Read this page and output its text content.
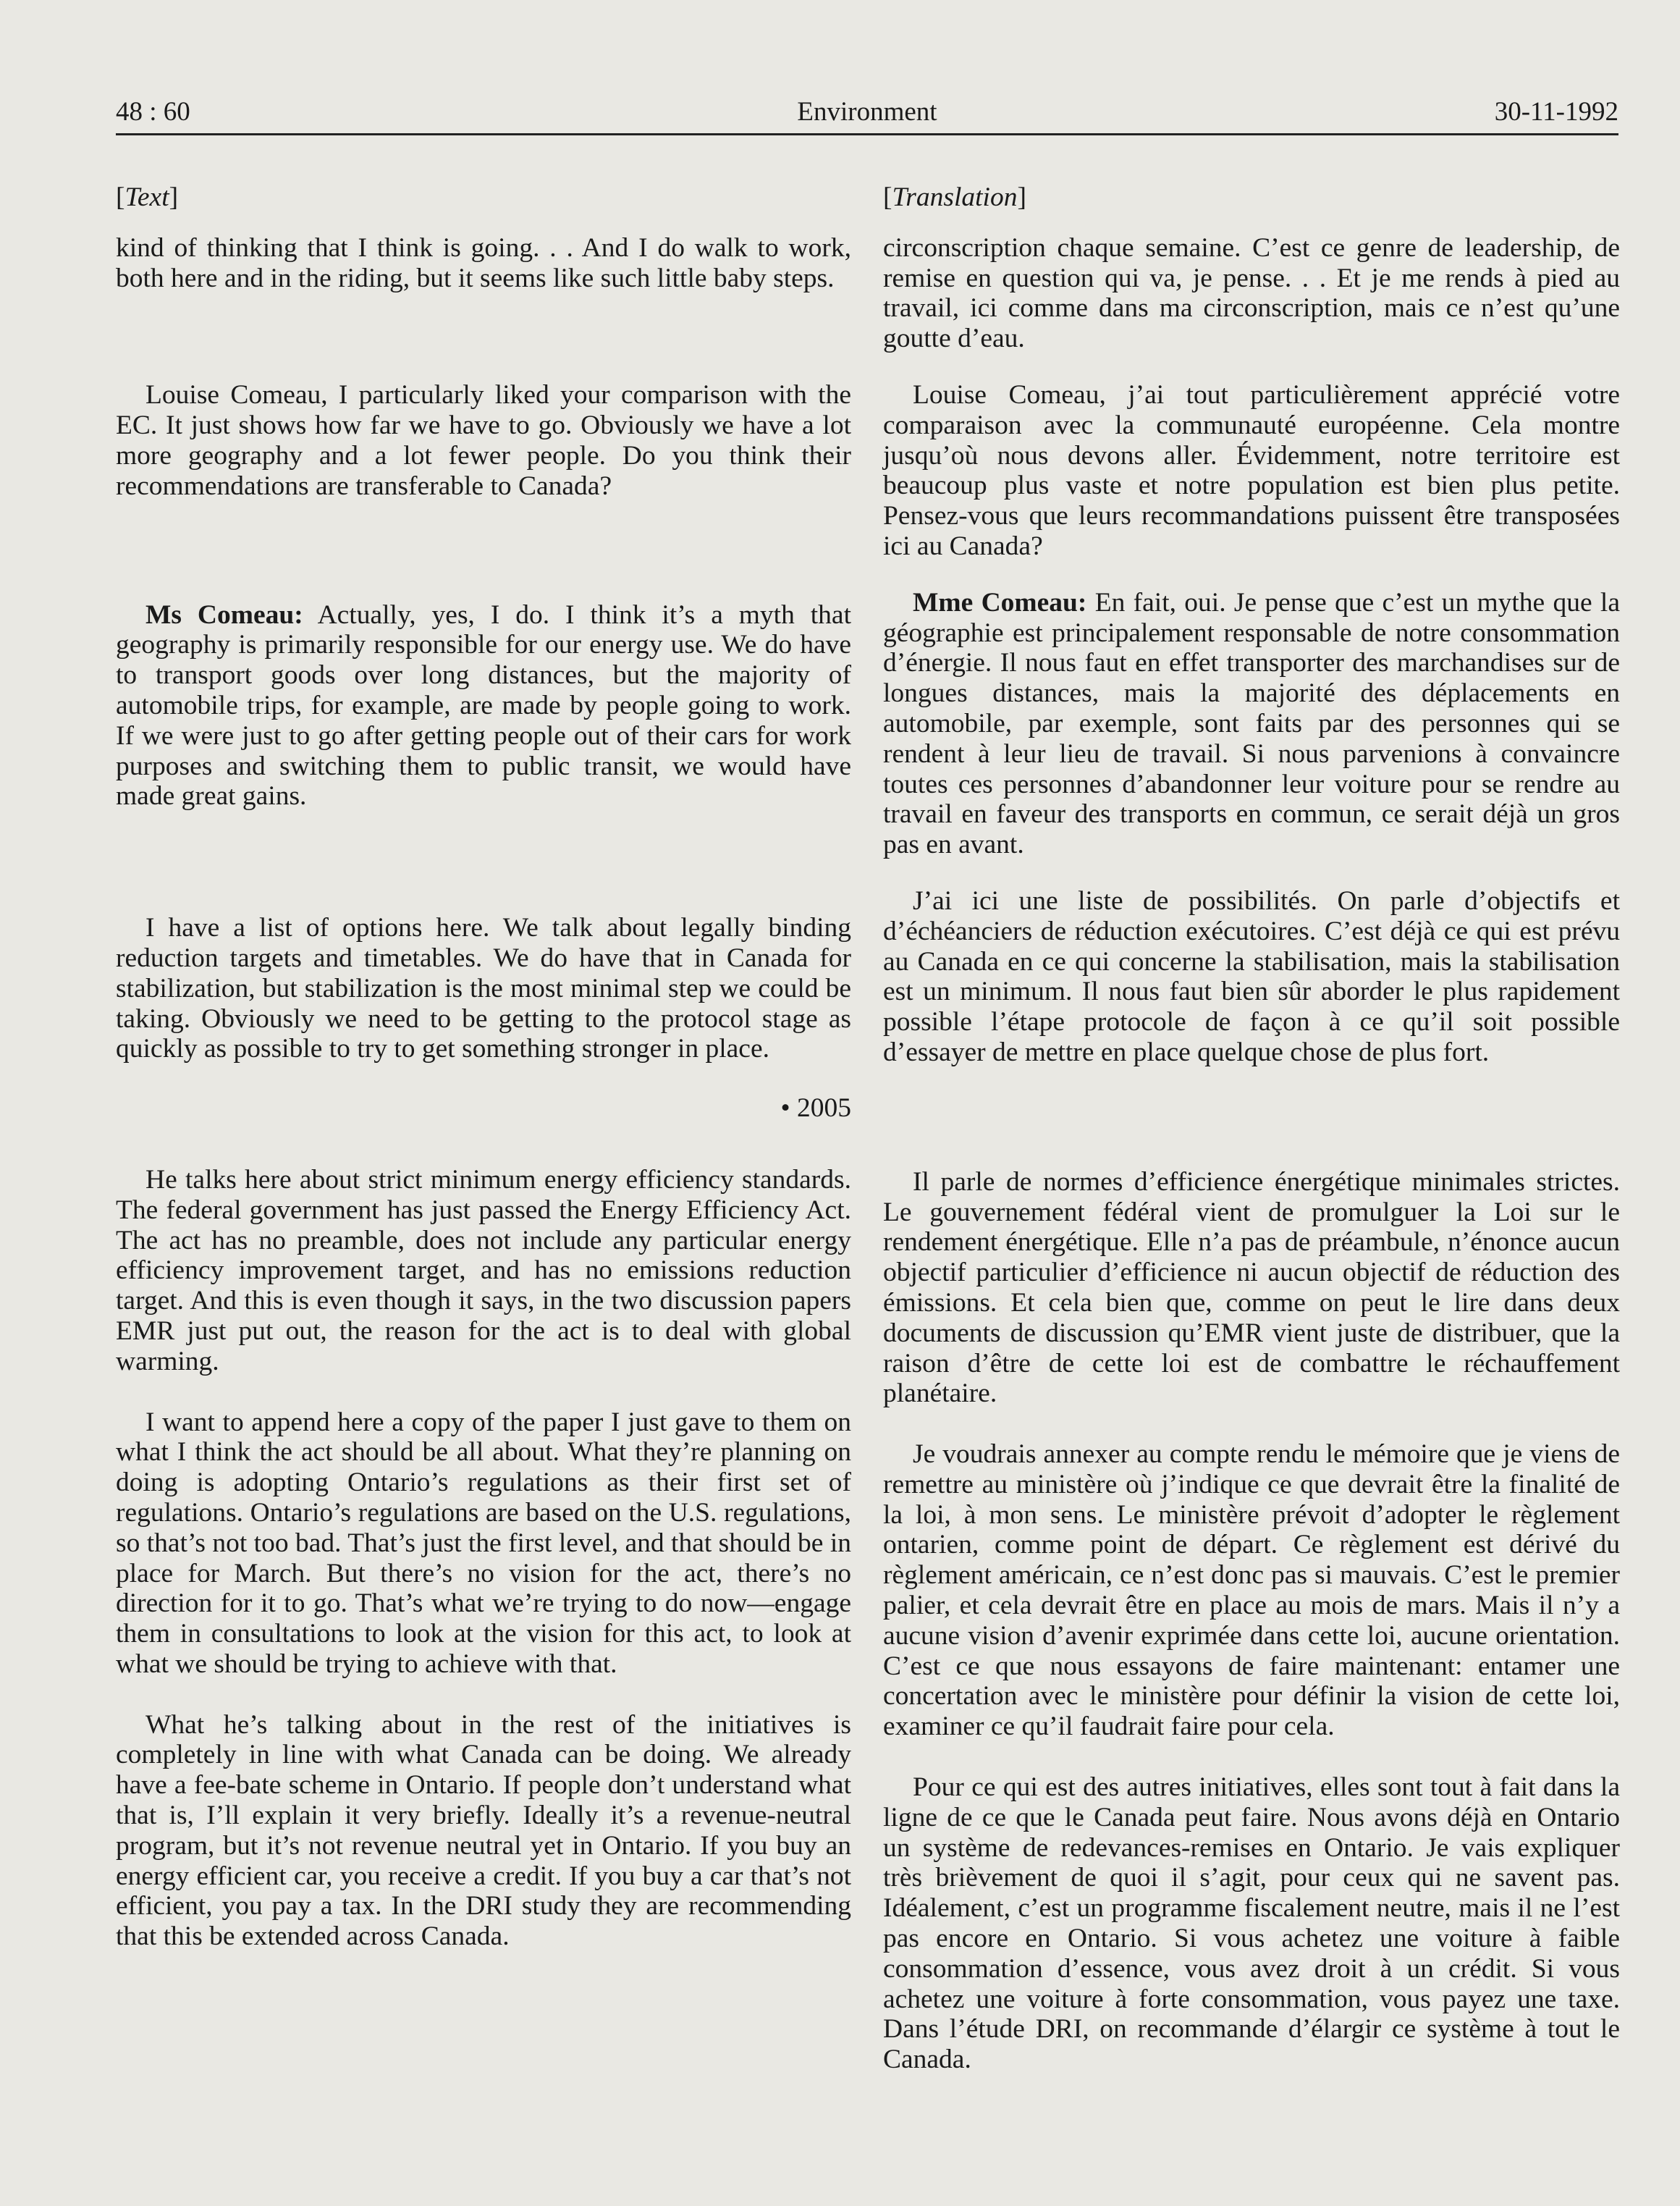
Environment
48 : 60	30-11-1992

[Text]

kind of thinking that I think is going. . . And I do walk to work, both here and in the riding, but it seems like such little baby steps.

Louise Comeau, I particularly liked your comparison with the EC. It just shows how far we have to go. Obviously we have a lot more geography and a lot fewer people. Do you think their recommendations are transferable to Canada?

Ms Comeau: Actually, yes, I do. I think it’s a myth that geography is primarily responsible for our energy use. We do have to transport goods over long distances, but the majority of automobile trips, for example, are made by people going to work. If we were just to go after getting people out of their cars for work purposes and switching them to public transit, we would have made great gains.

I have a list of options here. We talk about legally binding reduction targets and timetables. We do have that in Canada for stabilization, but stabilization is the most minimal step we could be taking. Obviously we need to be getting to the protocol stage as quickly as possible to try to get something stronger in place.

• 2005

He talks here about strict minimum energy efficiency standards. The federal government has just passed the Energy Efficiency Act. The act has no preamble, does not include any particular energy efficiency improvement target, and has no emissions reduction target. And this is even though it says, in the two discussion papers EMR just put out, the reason for the act is to deal with global warming.

I want to append here a copy of the paper I just gave to them on what I think the act should be all about. What they’re planning on doing is adopting Ontario’s regulations as their first set of regulations. Ontario’s regulations are based on the U.S. regulations, so that’s not too bad. That’s just the first level, and that should be in place for March. But there’s no vision for the act, there’s no direction for it to go. That’s what we’re trying to do now—engage them in consultations to look at the vision for this act, to look at what we should be trying to achieve with that.

What he’s talking about in the rest of the initiatives is completely in line with what Canada can be doing. We already have a fee-bate scheme in Ontario. If people don’t understand what that is, I’ll explain it very briefly. Ideally it’s a revenue-neutral program, but it’s not revenue neutral yet in Ontario. If you buy an energy efficient car, you receive a credit. If you buy a car that’s not efficient, you pay a tax. In the DRI study they are recommending that this be extended across Canada.

[Translation]

circonscription chaque semaine. C’est ce genre de leadership, de remise en question qui va, je pense. . . Et je me rends à pied au travail, ici comme dans ma circonscription, mais ce n’est qu’une goutte d’eau.

Louise Comeau, j’ai tout particulièrement apprécié votre comparaison avec la communauté européenne. Cela montre jusqu’où nous devons aller. Évidemment, notre territoire est beaucoup plus vaste et notre population est bien plus petite. Pensez-vous que leurs recommandations puissent être transposées ici au Canada?

Mme Comeau: En fait, oui. Je pense que c’est un mythe que la géographie est principalement responsable de notre consommation d’énergie. Il nous faut en effet transporter des marchandises sur de longues distances, mais la majorité des déplacements en automobile, par exemple, sont faits par des personnes qui se rendent à leur lieu de travail. Si nous parvenions à convaincre toutes ces personnes d’abandonner leur voiture pour se rendre au travail en faveur des transports en commun, ce serait déjà un gros pas en avant.

J’ai ici une liste de possibilités. On parle d’objectifs et d’échéanciers de réduction exécutoires. C’est déjà ce qui est prévu au Canada en ce qui concerne la stabilisation, mais la stabilisation est un minimum. Il nous faut bien sûr aborder le plus rapidement possible l’étape protocole de façon à ce qu’il soit possible d’essayer de mettre en place quelque chose de plus fort.

Il parle de normes d’efficience énergétique minimales strictes. Le gouvernement fédéral vient de promulguer la Loi sur le rendement énergétique. Elle n’a pas de préambule, n’énonce aucun objectif particulier d’efficience ni aucun objectif de réduction des émissions. Et cela bien que, comme on peut le lire dans deux documents de discussion qu’EMR vient juste de distribuer, que la raison d’être de cette loi est de combattre le réchauffement planétaire.

Je voudrais annexer au compte rendu le mémoire que je viens de remettre au ministère où j’indique ce que devrait être la finalité de la loi, à mon sens. Le ministère prévoit d’adopter le règlement ontarien, comme point de départ. Ce règlement est dérivé du règlement américain, ce n’est donc pas si mauvais. C’est le premier palier, et cela devrait être en place au mois de mars. Mais il n’y a aucune vision d’avenir exprimée dans cette loi, aucune orientation. C’est ce que nous essayons de faire maintenant: entamer une concertation avec le ministère pour définir la vision de cette loi, examiner ce qu’il faudrait faire pour cela.

Pour ce qui est des autres initiatives, elles sont tout à fait dans la ligne de ce que le Canada peut faire. Nous avons déjà en Ontario un système de redevances-remises en Ontario. Je vais expliquer très brièvement de quoi il s’agit, pour ceux qui ne savent pas. Idéalement, c’est un programme fiscalement neutre, mais il ne l’est pas encore en Ontario. Si vous achetez une voiture à faible consommation d’essence, vous avez droit à un crédit. Si vous achetez une voiture à forte consommation, vous payez une taxe. Dans l’étude DRI, on recommande d’élargir ce système à tout le Canada.
